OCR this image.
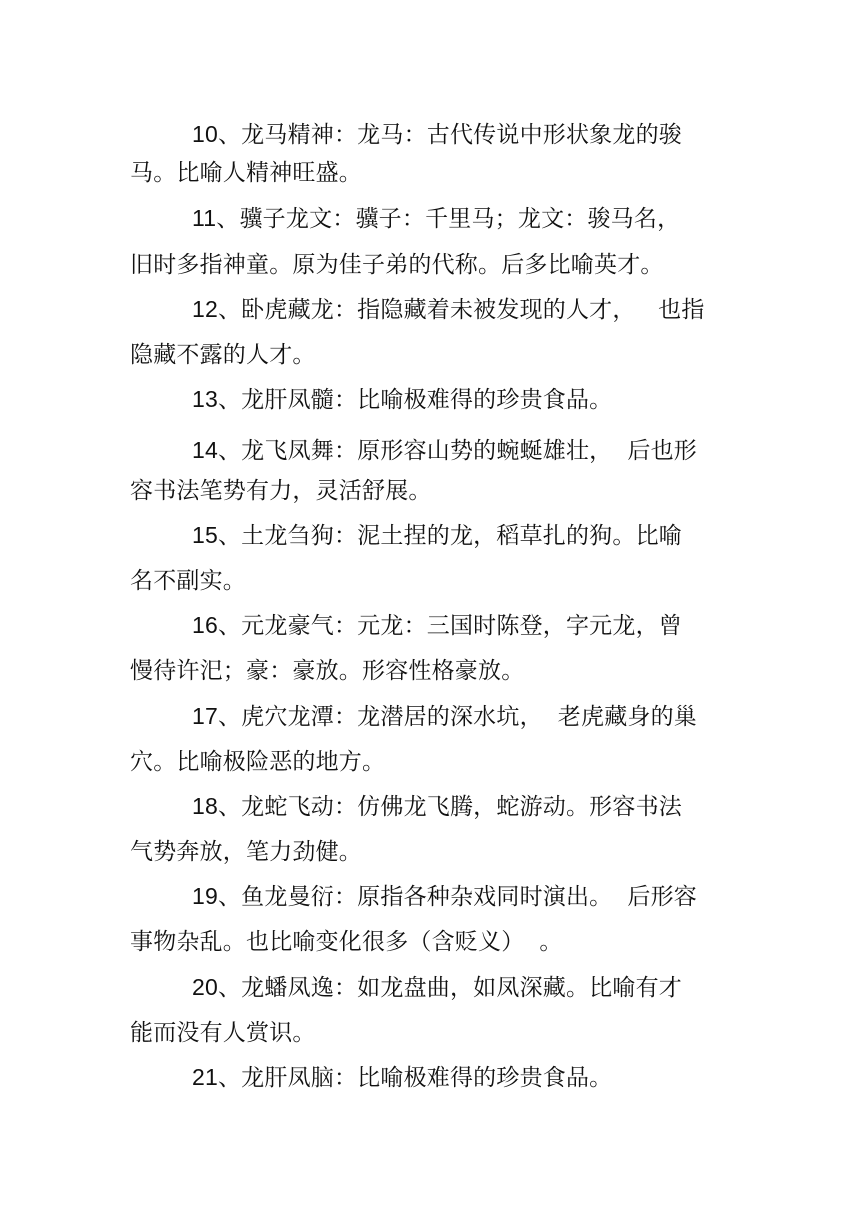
10、龙马精神：龙马：古代传说中形状象龙的骏
马。比喻人精神旺盛。
11、骥子龙文：骥子：千里马；龙文：骏马名，
旧时多指神童。原为佳子弟的代称。后多比喻英才。
12、卧虎藏龙：指隐藏着未被发现的人才，   也指
隐藏不露的人才。
13、龙肝凤髓：比喻极难得的珍贵食品。
14、龙飞凤舞：原形容山势的蜿蜒雄壮，  后也形
容书法笔势有力，灵活舒展。
15、土龙刍狗：泥土捏的龙，稻草扎的狗。比喻
名不副实。
16、元龙豪气：元龙：三国时陈登，字元龙，曾
慢待许汜；豪：豪放。形容性格豪放。
17、虎穴龙潭：龙潜居的深水坑，  老虎藏身的巢
穴。比喻极险恶的地方。
18、龙蛇飞动：仿佛龙飞腾，蛇游动。形容书法
气势奔放，笔力劲健。
19、鱼龙曼衍：原指各种杂戏同时演出。  后形容
事物杂乱。也比喻变化很多（含贬义）  。
20、龙蟠凤逸：如龙盘曲，如凤深藏。比喻有才
能而没有人赏识。
21、龙肝凤脑：比喻极难得的珍贵食品。
